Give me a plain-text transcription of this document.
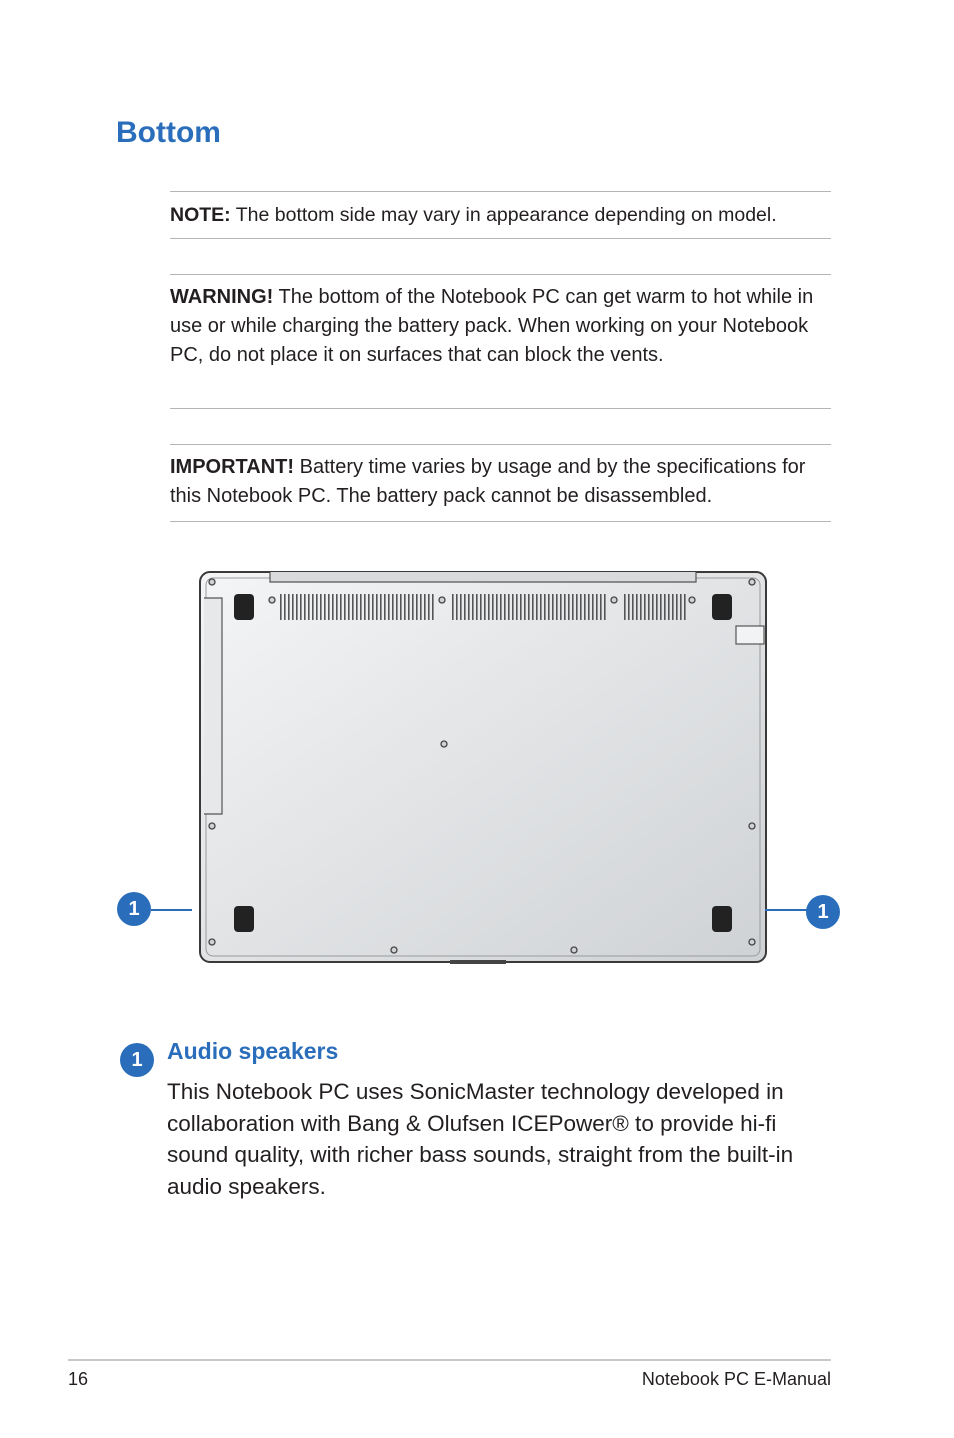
Bottom

NOTE: The bottom side may vary in appearance depending on model.

WARNING! The bottom of the Notebook PC can get warm to hot while in use or while charging the battery pack. When working on your Notebook PC, do not place it on surfaces that can block the vents.

IMPORTANT! Battery time varies by usage and by the specifications for this Notebook PC. The battery pack cannot be disassembled.

1	1
1	Audio speakers

This Notebook PC uses SonicMaster technology developed in collaboration with Bang & Olufsen ICEPower® to provide hi-fi sound quality, with richer bass sounds, straight from the built-in audio speakers.

16	Notebook PC E-Manual
